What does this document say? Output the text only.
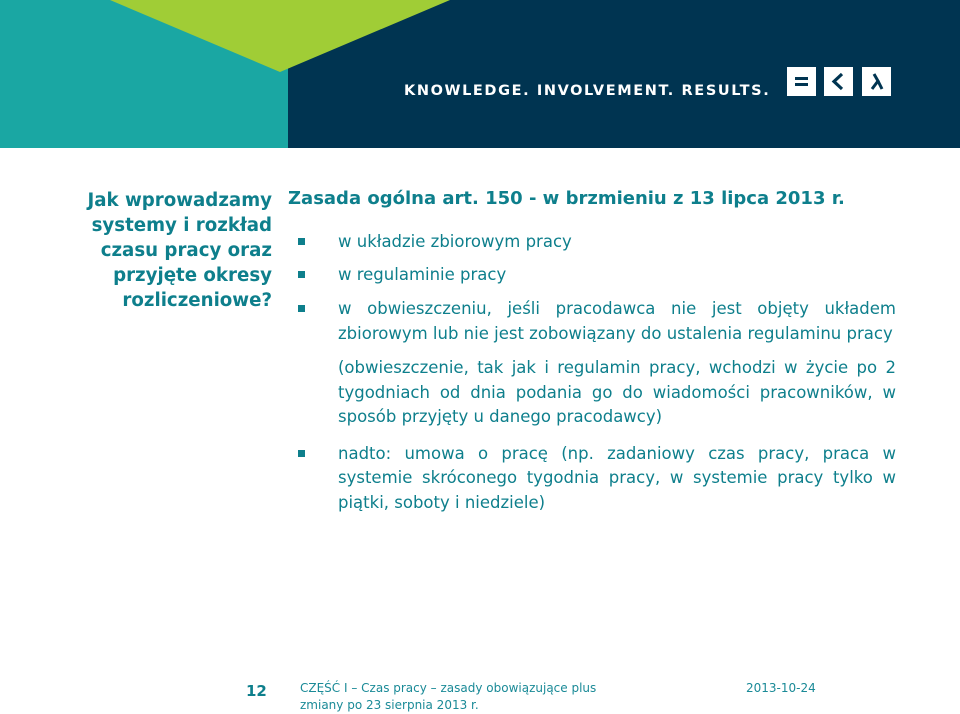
KNOWLEDGE. INVOLVEMENT. RESULTS.
Jak wprowadzamy systemy i rozkład czasu pracy oraz przyjęte okresy rozliczeniowe?
Zasada ogólna art. 150 - w brzmieniu z 13 lipca 2013 r.
w układzie zbiorowym pracy
w regulaminie pracy
w obwieszczeniu, jeśli pracodawca nie jest objęty układem zbiorowym lub nie jest zobowiązany do ustalenia regulaminu pracy
(obwieszczenie, tak jak i regulamin pracy, wchodzi w życie po 2 tygodniach od dnia podania go do wiadomości pracowników, w sposób przyjęty u danego pracodawcy)
nadto: umowa o pracę (np. zadaniowy czas pracy, praca w systemie skróconego tygodnia pracy, w systemie pracy tylko w piątki, soboty i niedziele)
12	CZĘŚĆ I – Czas pracy – zasady obowiązujące plus
zmiany po 23 sierpnia 2013 r.
2013-10-24
